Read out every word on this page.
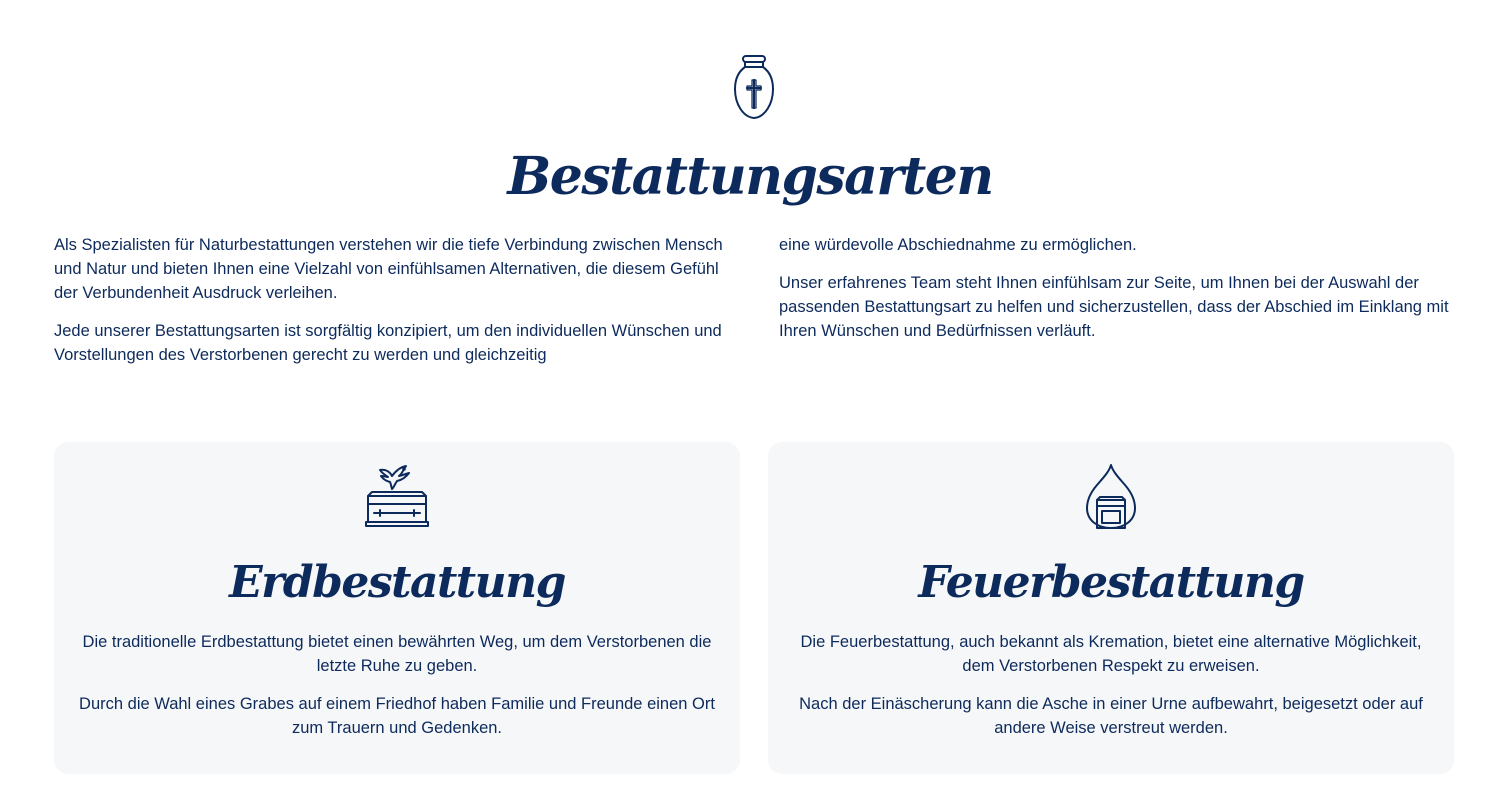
Bestattungsarten

Als Spezialisten für Naturbestattungen verstehen wir die tiefe Verbindung zwischen Mensch und Natur und bieten Ihnen eine Vielzahl von einfühlsamen Alternativen, die diesem Gefühl der Verbundenheit Ausdruck verleihen.

Jede unserer Bestattungsarten ist sorgfältig konzipiert, um den individuellen Wünschen und Vorstellungen des Verstorbenen gerecht zu werden und gleichzeitig

eine würdevolle Abschiednahme zu ermöglichen.

Unser erfahrenes Team steht Ihnen einfühlsam zur Seite, um Ihnen bei der Auswahl der passenden Bestattungsart zu helfen und sicherzustellen, dass der Abschied im Einklang mit Ihren Wünschen und Bedürfnissen verläuft.

Erdbestattung

Die traditionelle Erdbestattung bietet einen bewährten Weg, um dem Verstorbenen die letzte Ruhe zu geben.

Durch die Wahl eines Grabes auf einem Friedhof haben Familie und Freunde einen Ort zum Trauern und Gedenken.

Feuerbestattung

Die Feuerbestattung, auch bekannt als Kremation, bietet eine alternative Möglichkeit, dem Verstorbenen Respekt zu erweisen.

Nach der Einäscherung kann die Asche in einer Urne aufbewahrt, beigesetzt oder auf andere Weise verstreut werden.
